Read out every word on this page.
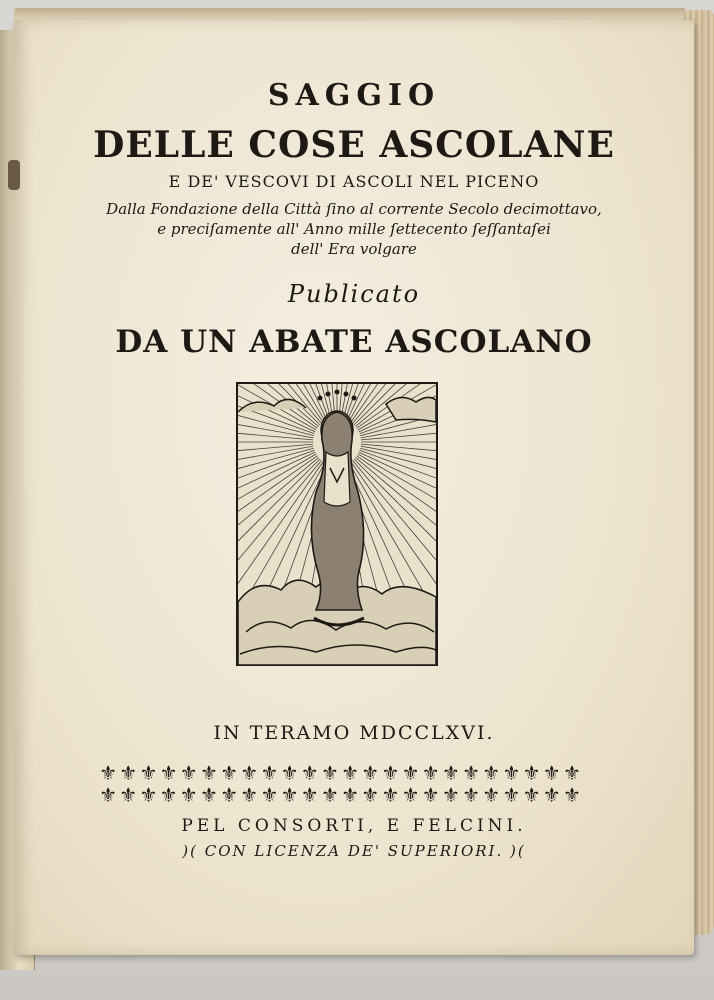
SAGGIO
DELLE COSE ASCOLANE
E DE' VESCOVI DI ASCOLI NEL PICENO
Dalla Fondazione della Città ſino al corrente Secolo decimottavo,
e preciſamente all' Anno mille ſettecento ſeſſantaſei
dell' Era volgare
Publicato
DA UN ABATE ASCOLANO
IN TERAMO MDCCLXVI.
⚜ ⚜ ⚜ ⚜ ⚜ ⚜ ⚜ ⚜ ⚜ ⚜ ⚜ ⚜ ⚜ ⚜ ⚜ ⚜ ⚜ ⚜ ⚜ ⚜ ⚜ ⚜ ⚜ ⚜
⚜ ⚜ ⚜ ⚜ ⚜ ⚜ ⚜ ⚜ ⚜ ⚜ ⚜ ⚜ ⚜ ⚜ ⚜ ⚜ ⚜ ⚜ ⚜ ⚜ ⚜ ⚜ ⚜ ⚜
PEL CONSORTI, E FELCINI.
)( CON LICENZA DE' SUPERIORI. )(
